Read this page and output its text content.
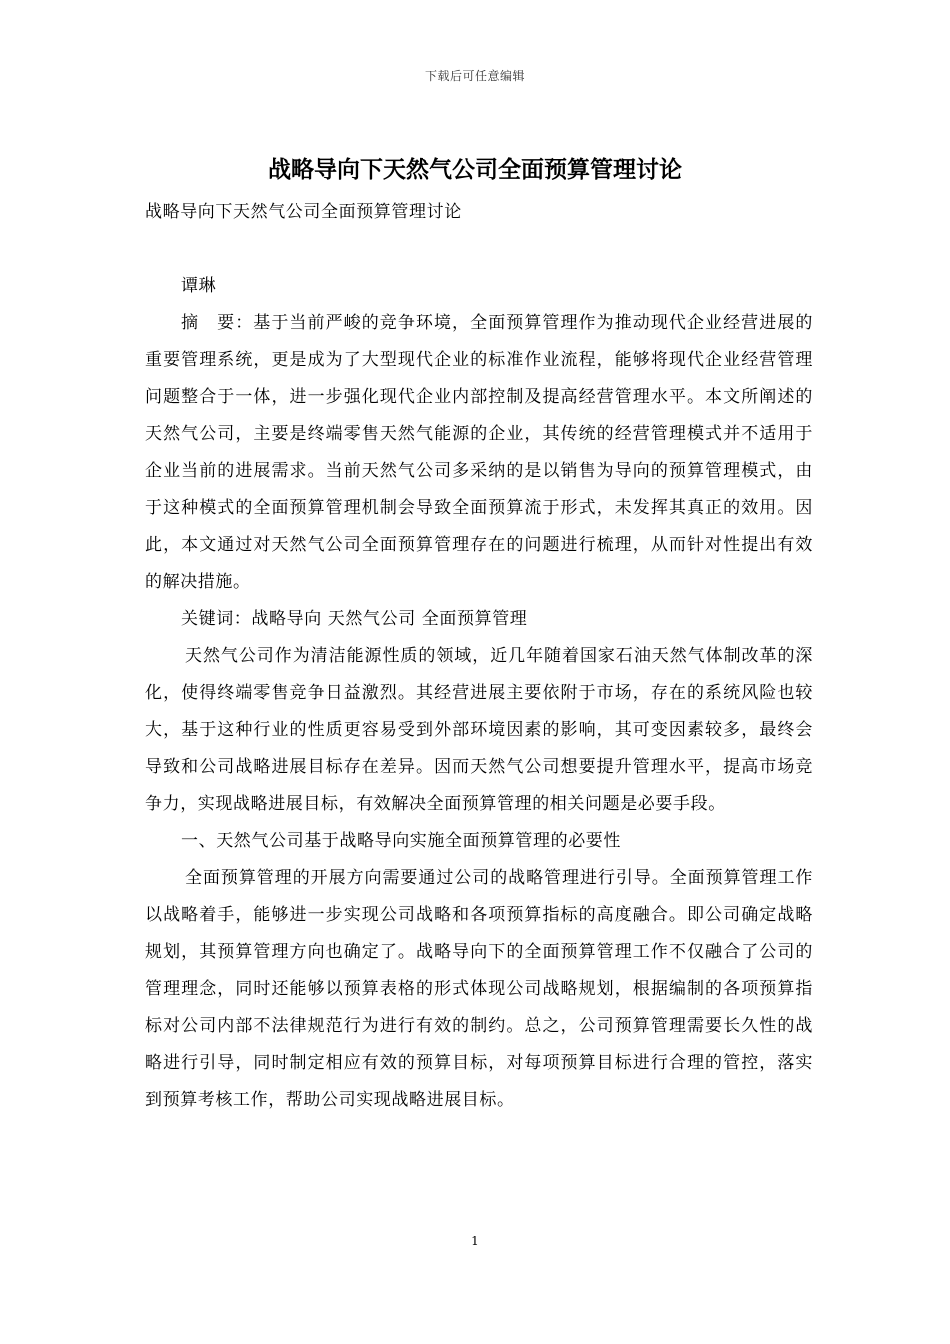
下载后可任意编辑
战略导向下天然气公司全面预算管理讨论

战略导向下天然气公司全面预算管理讨论

谭琳

摘　要：基于当前严峻的竞争环境，全面预算管理作为推动现代企业经营进展的重要管理系统，更是成为了大型现代企业的标准作业流程，能够将现代企业经营管理问题整合于一体，进一步强化现代企业内部控制及提高经营管理水平。本文所阐述的天然气公司，主要是终端零售天然气能源的企业，其传统的经营管理模式并不适用于企业当前的进展需求。当前天然气公司多采纳的是以销售为导向的预算管理模式，由于这种模式的全面预算管理机制会导致全面预算流于形式，未发挥其真正的效用。因此，本文通过对天然气公司全面预算管理存在的问题进行梳理，从而针对性提出有效的解决措施。

关键词：战略导向 天然气公司 全面预算管理

天然气公司作为清洁能源性质的领域，近几年随着国家石油天然气体制改革的深化，使得终端零售竞争日益激烈。其经营进展主要依附于市场，存在的系统风险也较大，基于这种行业的性质更容易受到外部环境因素的影响，其可变因素较多，最终会导致和公司战略进展目标存在差异。因而天然气公司想要提升管理水平，提高市场竞争力，实现战略进展目标，有效解决全面预算管理的相关问题是必要手段。

一、天然气公司基于战略导向实施全面预算管理的必要性

全面预算管理的开展方向需要通过公司的战略管理进行引导。全面预算管理工作以战略着手，能够进一步实现公司战略和各项预算指标的高度融合。即公司确定战略规划，其预算管理方向也确定了。战略导向下的全面预算管理工作不仅融合了公司的管理理念，同时还能够以预算表格的形式体现公司战略规划，根据编制的各项预算指标对公司内部不法律规范行为进行有效的制约。总之，公司预算管理需要长久性的战略进行引导，同时制定相应有效的预算目标，对每项预算目标进行合理的管控，落实到预算考核工作，帮助公司实现战略进展目标。

1
